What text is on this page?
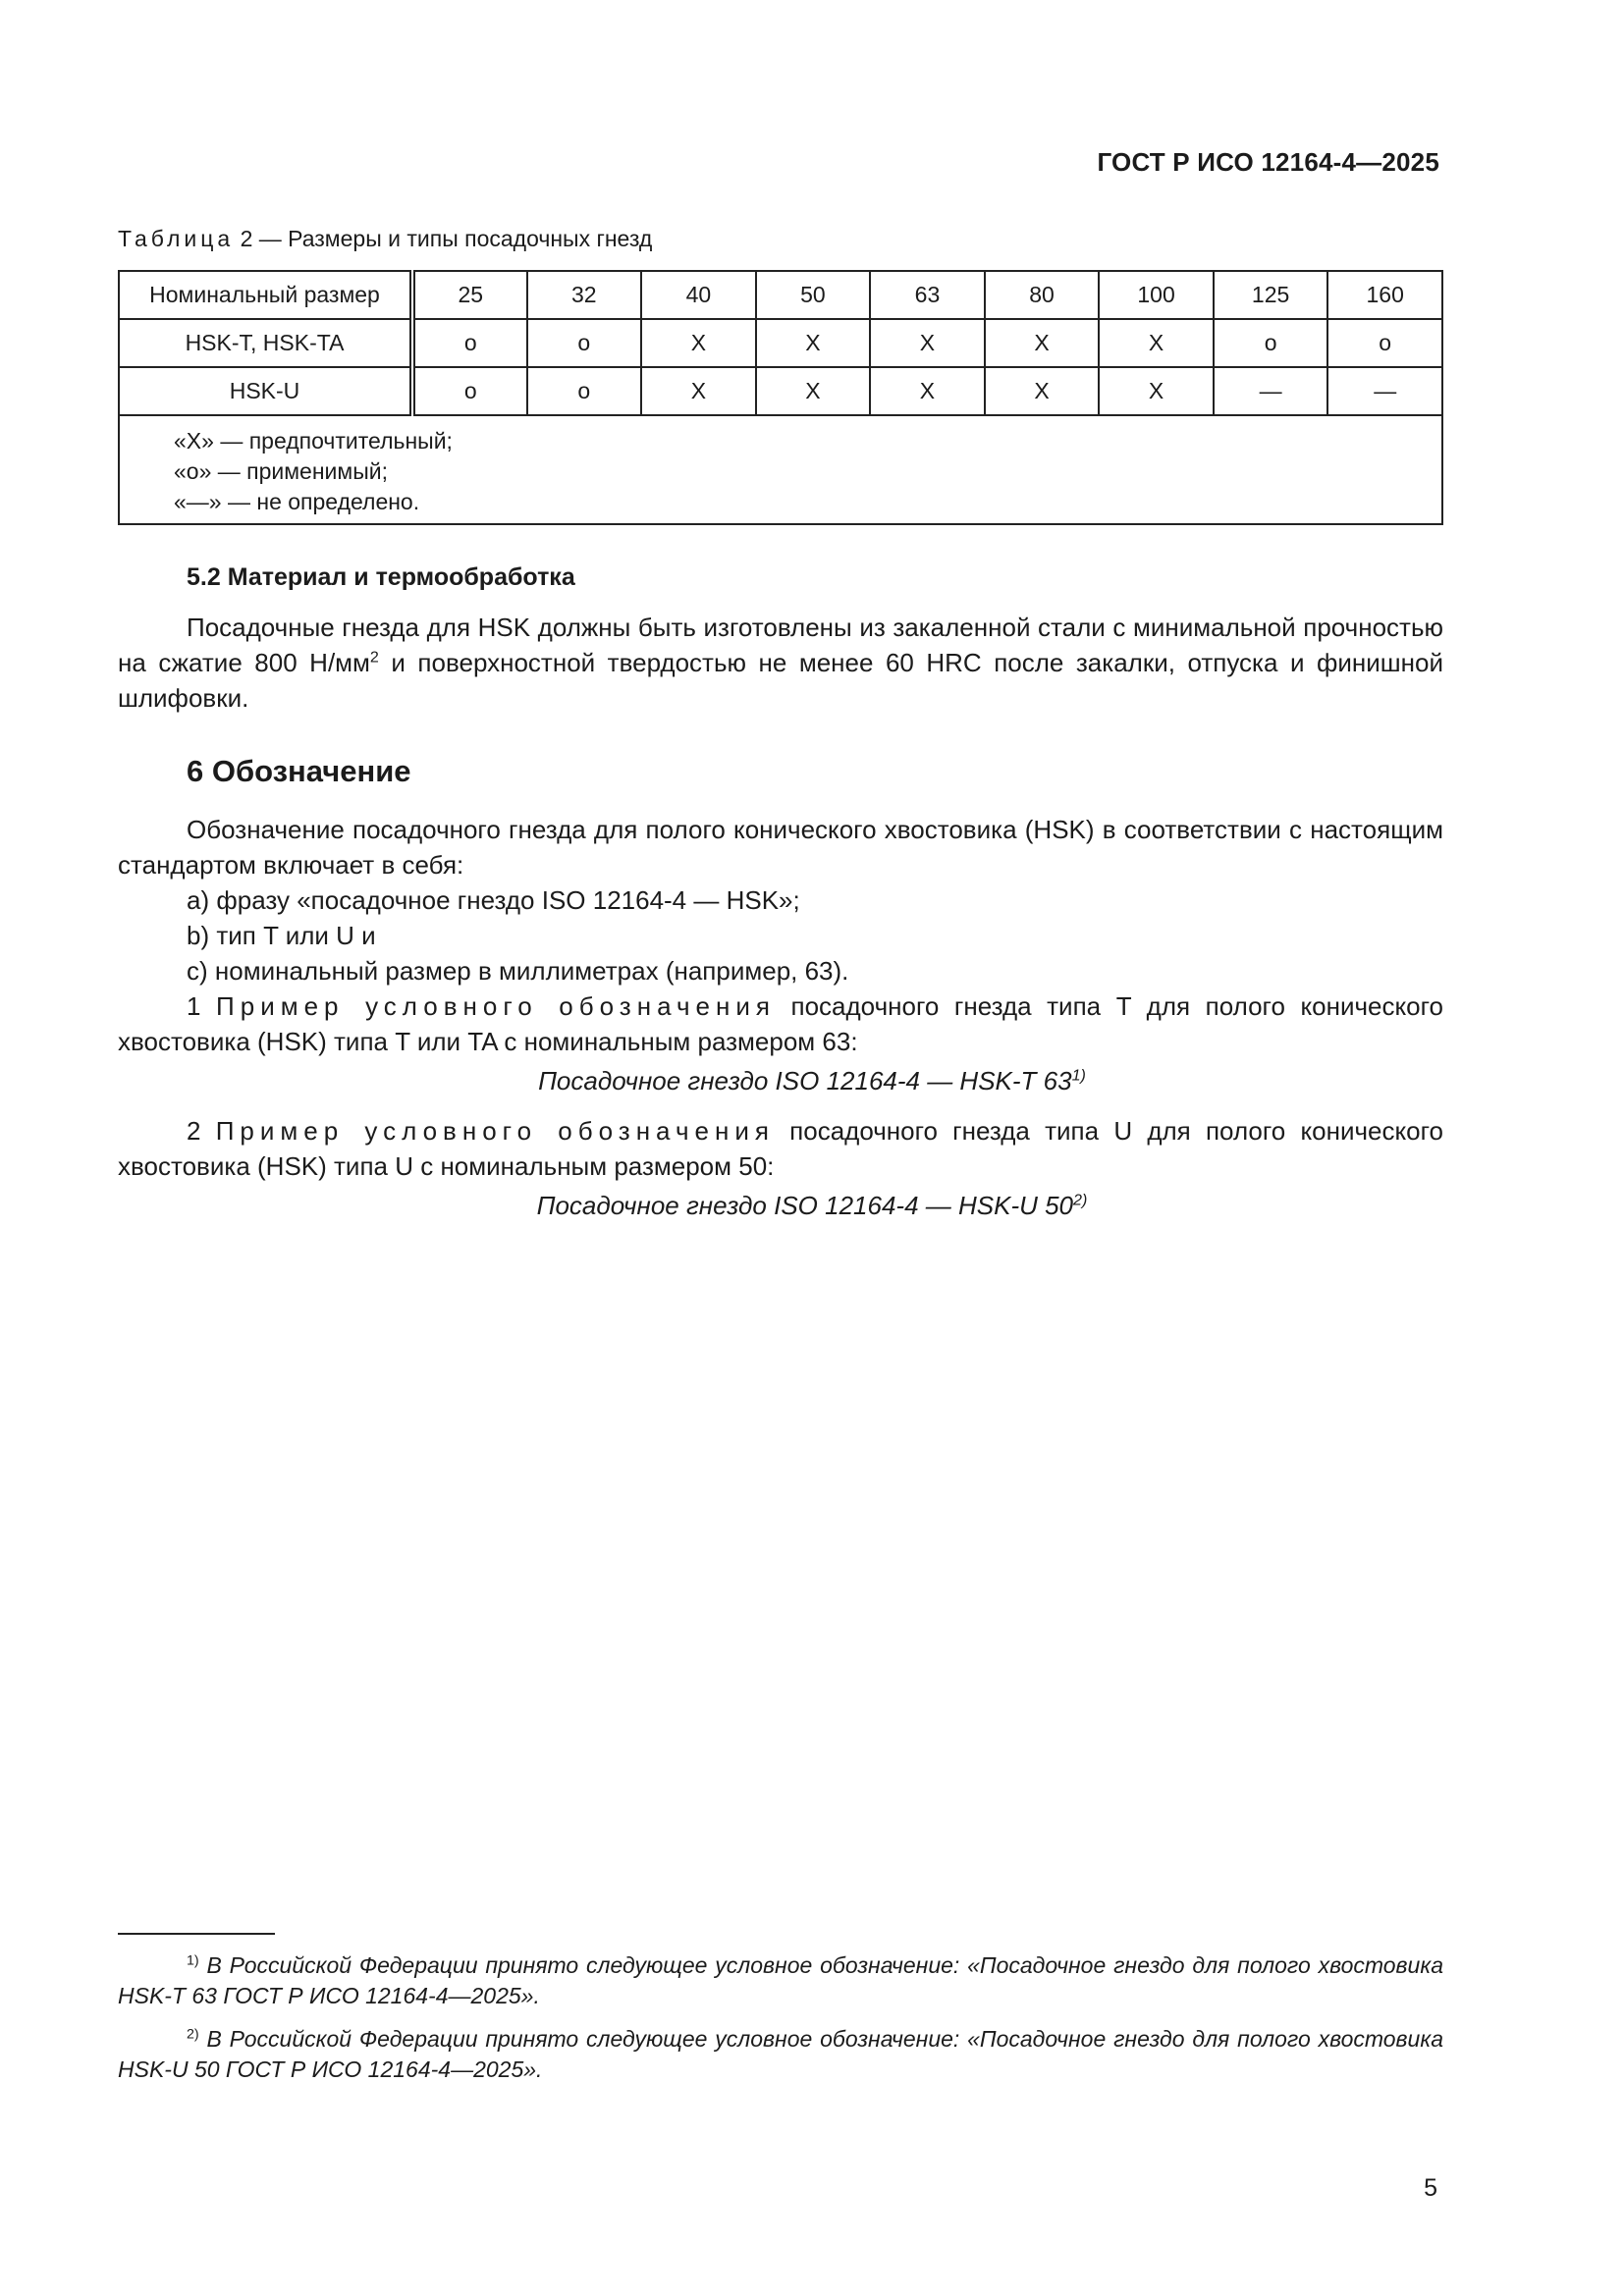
ГОСТ Р ИСО 12164-4—2025
Таблица 2 — Размеры и типы посадочных гнезд
Номинальный размер	25	32	40	50	63	80	100	125	160
HSK-T, HSK-TA	o	o	X	X	X	X	X	o	o
HSK-U	o	o	X	X	X	X	X	—	—

«X» — предпочтительный;
«o» — применимый;
«—» — не определено.									
5.2 Материал и термообработка
Посадочные гнезда для HSK должны быть изготовлены из закаленной стали с минимальной прочностью на сжатие 800 $Н/мм^2$ и поверхностной твердостью не менее 60 HRC после закалки, отпуска и финишной шлифовки.
6 Обозначение
Обозначение посадочного гнезда для полого конического хвостовика (HSK) в соответствии с настоящим стандартом включает в себя:
a) фразу «посадочное гнездо ISO 12164-4 — HSK»;
b) тип T или U и
c) номинальный размер в миллиметрах (например, 63).
1 Пример условного обозначения посадочного гнезда типа T для полого конического хвостовика (HSK) типа T или TA с номинальным размером 63:
Посадочное гнездо ISO 12164-4 — HSK-T 63$^{1)}$
2 Пример условного обозначения посадочного гнезда типа U для полого конического хвостовика (HSK) типа U с номинальным размером 50:
Посадочное гнездо ISO 12164-4 — HSK-U 50$^{2)}$
$^{1)}$ В Российской Федерации принято следующее условное обозначение: «Посадочное гнездо для полого хвостовика HSK-T 63 ГОСТ Р ИСО 12164-4—2025».
$^{2)}$ В Российской Федерации принято следующее условное обозначение: «Посадочное гнездо для полого хвостовика HSK-U 50 ГОСТ Р ИСО 12164-4—2025».
5
